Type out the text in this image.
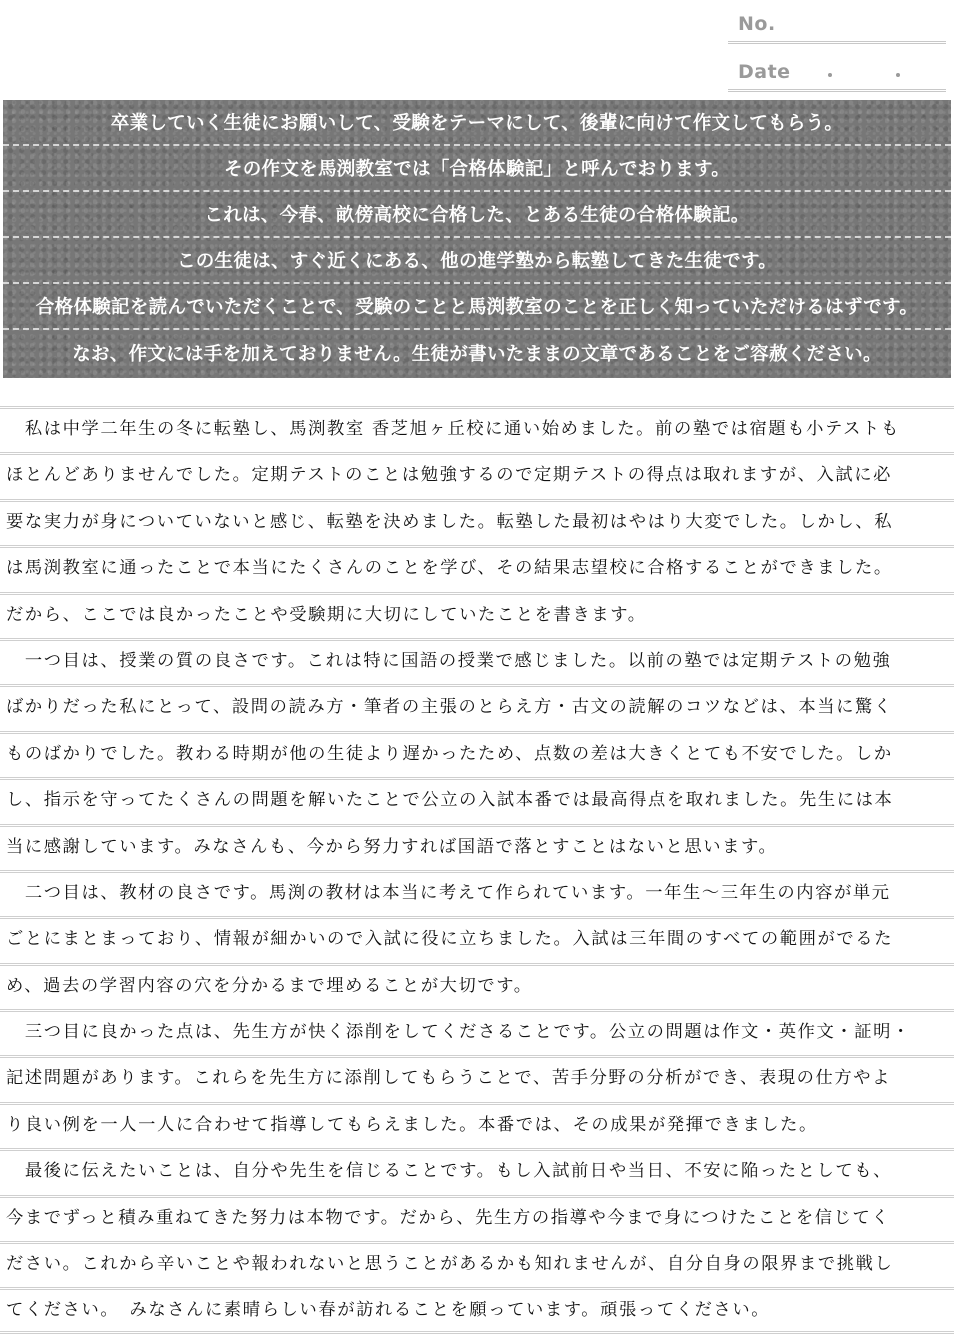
No.
Date
卒業していく生徒にお願いして、受験をテーマにして、後輩に向けて作文してもらう。
その作文を馬渕教室では「合格体験記」と呼んでおります。
これは、今春、畝傍高校に合格した、とある生徒の合格体験記。
この生徒は、すぐ近くにある、他の進学塾から転塾してきた生徒です。
合格体験記を読んでいただくことで、受験のことと馬渕教室のことを正しく知っていただけるはずです。
なお、作文には手を加えておりません。生徒が書いたままの文章であることをご容赦ください。
　私は中学二年生の冬に転塾し、馬渕教室 香芝旭ヶ丘校に通い始めました。前の塾では宿題も小テストも
ほとんどありませんでした。定期テストのことは勉強するので定期テストの得点は取れますが、入試に必
要な実力が身についていないと感じ、転塾を決めました。転塾した最初はやはり大変でした。しかし、私
は馬渕教室に通ったことで本当にたくさんのことを学び、その結果志望校に合格することができました。
だから、ここでは良かったことや受験期に大切にしていたことを書きます。
　一つ目は、授業の質の良さです。これは特に国語の授業で感じました。以前の塾では定期テストの勉強
ばかりだった私にとって、設問の読み方・筆者の主張のとらえ方・古文の読解のコツなどは、本当に驚く
ものばかりでした。教わる時期が他の生徒より遅かったため、点数の差は大きくとても不安でした。しか
し、指示を守ってたくさんの問題を解いたことで公立の入試本番では最高得点を取れました。先生には本
当に感謝しています。みなさんも、今から努力すれば国語で落とすことはないと思います。
　二つ目は、教材の良さです。馬渕の教材は本当に考えて作られています。一年生～三年生の内容が単元
ごとにまとまっており、情報が細かいので入試に役に立ちました。入試は三年間のすべての範囲がでるた
め、過去の学習内容の穴を分かるまで埋めることが大切です。
　三つ目に良かった点は、先生方が快く添削をしてくださることです。公立の問題は作文・英作文・証明・
記述問題があります。これらを先生方に添削してもらうことで、苦手分野の分析ができ、表現の仕方やよ
り良い例を一人一人に合わせて指導してもらえました。本番では、その成果が発揮できました。
　最後に伝えたいことは、自分や先生を信じることです。もし入試前日や当日、不安に陥ったとしても、
今までずっと積み重ねてきた努力は本物です。だから、先生方の指導や今まで身につけたことを信じてく
ださい。これから辛いことや報われないと思うことがあるかも知れませんが、自分自身の限界まで挑戦し
てください。　みなさんに素晴らしい春が訪れることを願っています。頑張ってください。
